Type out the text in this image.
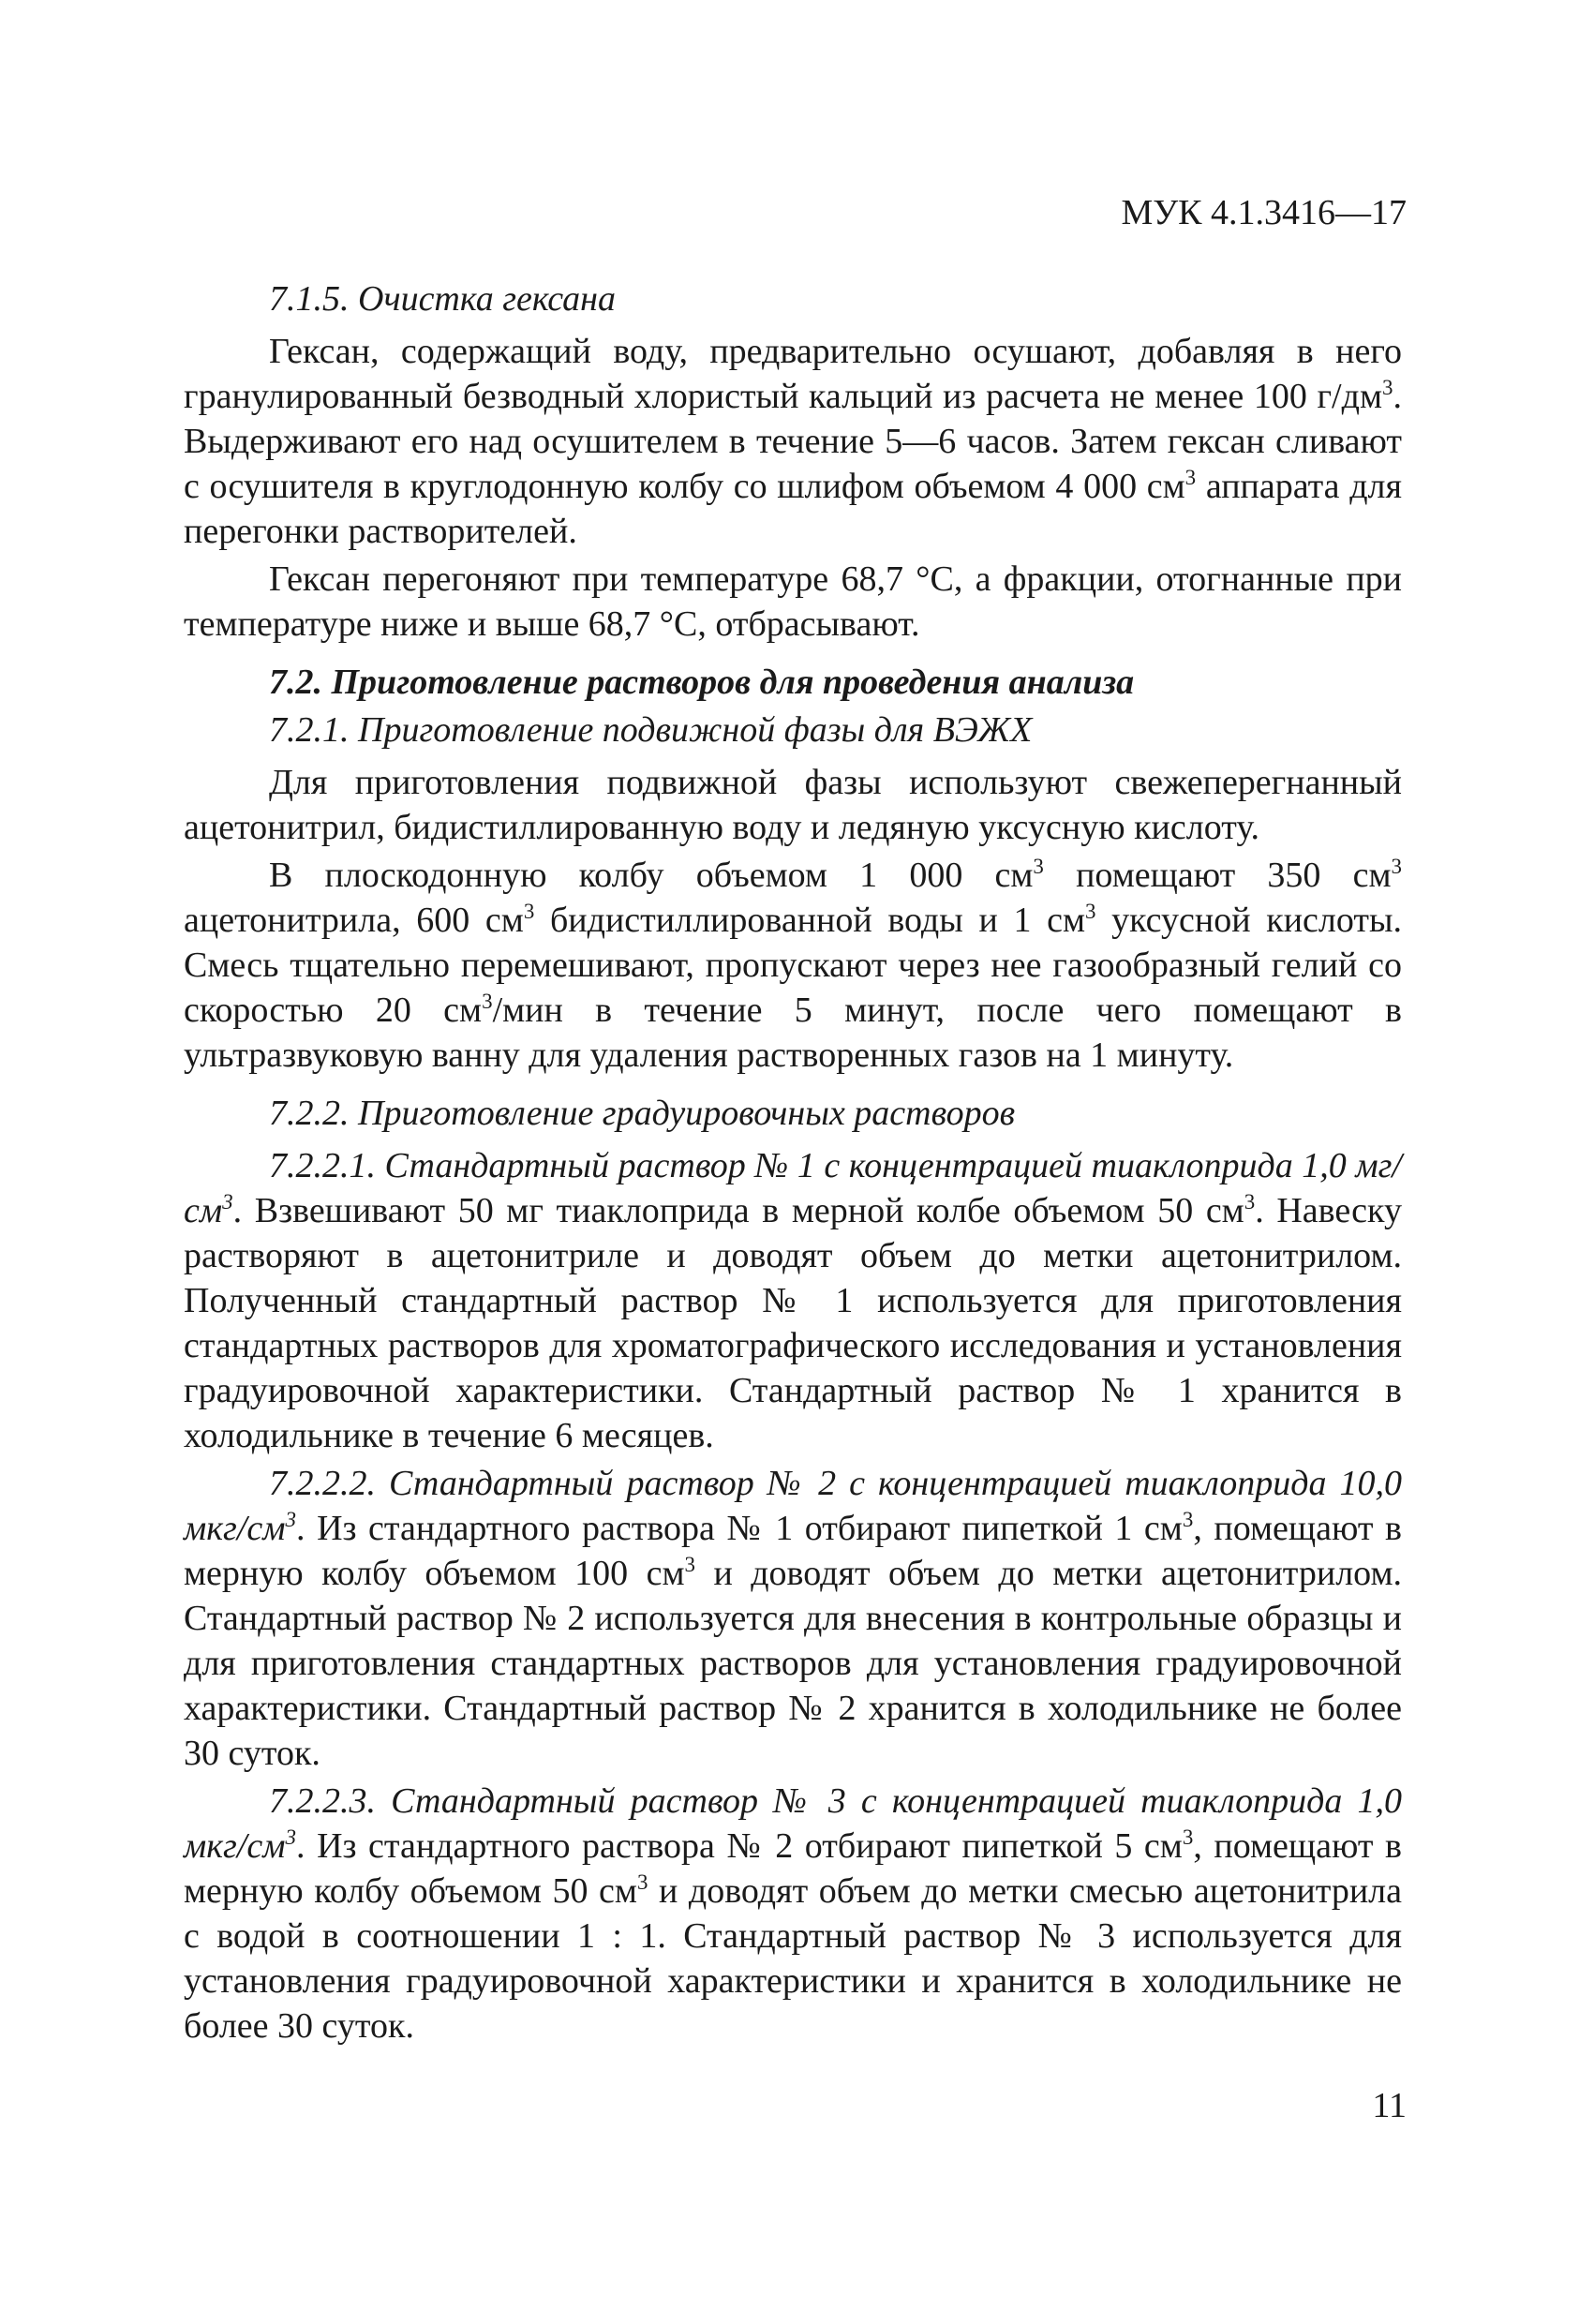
МУК 4.1.3416—17

7.1.5. Очистка гексана

Гексан, содержащий воду, предварительно осушают, добавляя в него гранулированный безводный хлористый кальций из расчета не менее 100 $г/дм^3$. Выдерживают его над осушителем в течение 5—6 часов. Затем гексан сливают с осушителя в круглодонную колбу со шлифом объемом 4 000 $см^3$ аппарата для перегонки растворителей.

Гексан перегоняют при температуре 68,7 °С, а фракции, отогнанные при температуре ниже и выше 68,7 °С, отбрасывают.

7.2. Приготовление растворов для проведения анализа

7.2.1. Приготовление подвижной фазы для ВЭЖХ

Для приготовления подвижной фазы используют свежеперегнанный ацетонитрил, бидистиллированную воду и ледяную уксусную кислоту.

В плоскодонную колбу объемом 1 000 $см^3$ помещают 350 $см^3$ ацетонитрила, 600 $см^3$ бидистиллированной воды и 1 $см^3$ уксусной кислоты. Смесь тщательно перемешивают, пропускают через нее газообразный гелий со скоростью 20 $см^3$/мин в течение 5 минут, после чего помещают в ультразвуковую ванну для удаления растворенных газов на 1 минуту.

7.2.2. Приготовление градуировочных растворов

7.2.2.1. Стандартный раствор № 1 с концентрацией тиаклоприда 1,0 $мг/см^3$. Взвешивают 50 мг тиаклоприда в мерной колбе объемом 50 $см^3$. Навеску растворяют в ацетонитриле и доводят объем до метки ацетонитрилом. Полученный стандартный раствор № 1 используется для приготовления стандартных растворов для хроматографического исследования и установления градуировочной характеристики. Стандартный раствор № 1 хранится в холодильнике в течение 6 месяцев.

7.2.2.2. Стандартный раствор № 2 с концентрацией тиаклоприда 10,0 мкг/$см^3$. Из стандартного раствора № 1 отбирают пипеткой 1 $см^3$, помещают в мерную колбу объемом 100 $см^3$ и доводят объем до метки ацетонитрилом. Стандартный раствор № 2 используется для внесения в контрольные образцы и для приготовления стандартных растворов для установления градуировочной характеристики. Стандартный раствор № 2 хранится в холодильнике не более 30 суток.

7.2.2.3. Стандартный раствор № 3 с концентрацией тиаклоприда 1,0 мкг/$см^3$. Из стандартного раствора № 2 отбирают пипеткой 5 $см^3$, помещают в мерную колбу объемом 50 $см^3$ и доводят объем до метки смесью ацетонитрила с водой в соотношении 1 : 1. Стандартный раствор № 3 используется для установления градуировочной характеристики и хранится в холодильнике не более 30 суток.

11
